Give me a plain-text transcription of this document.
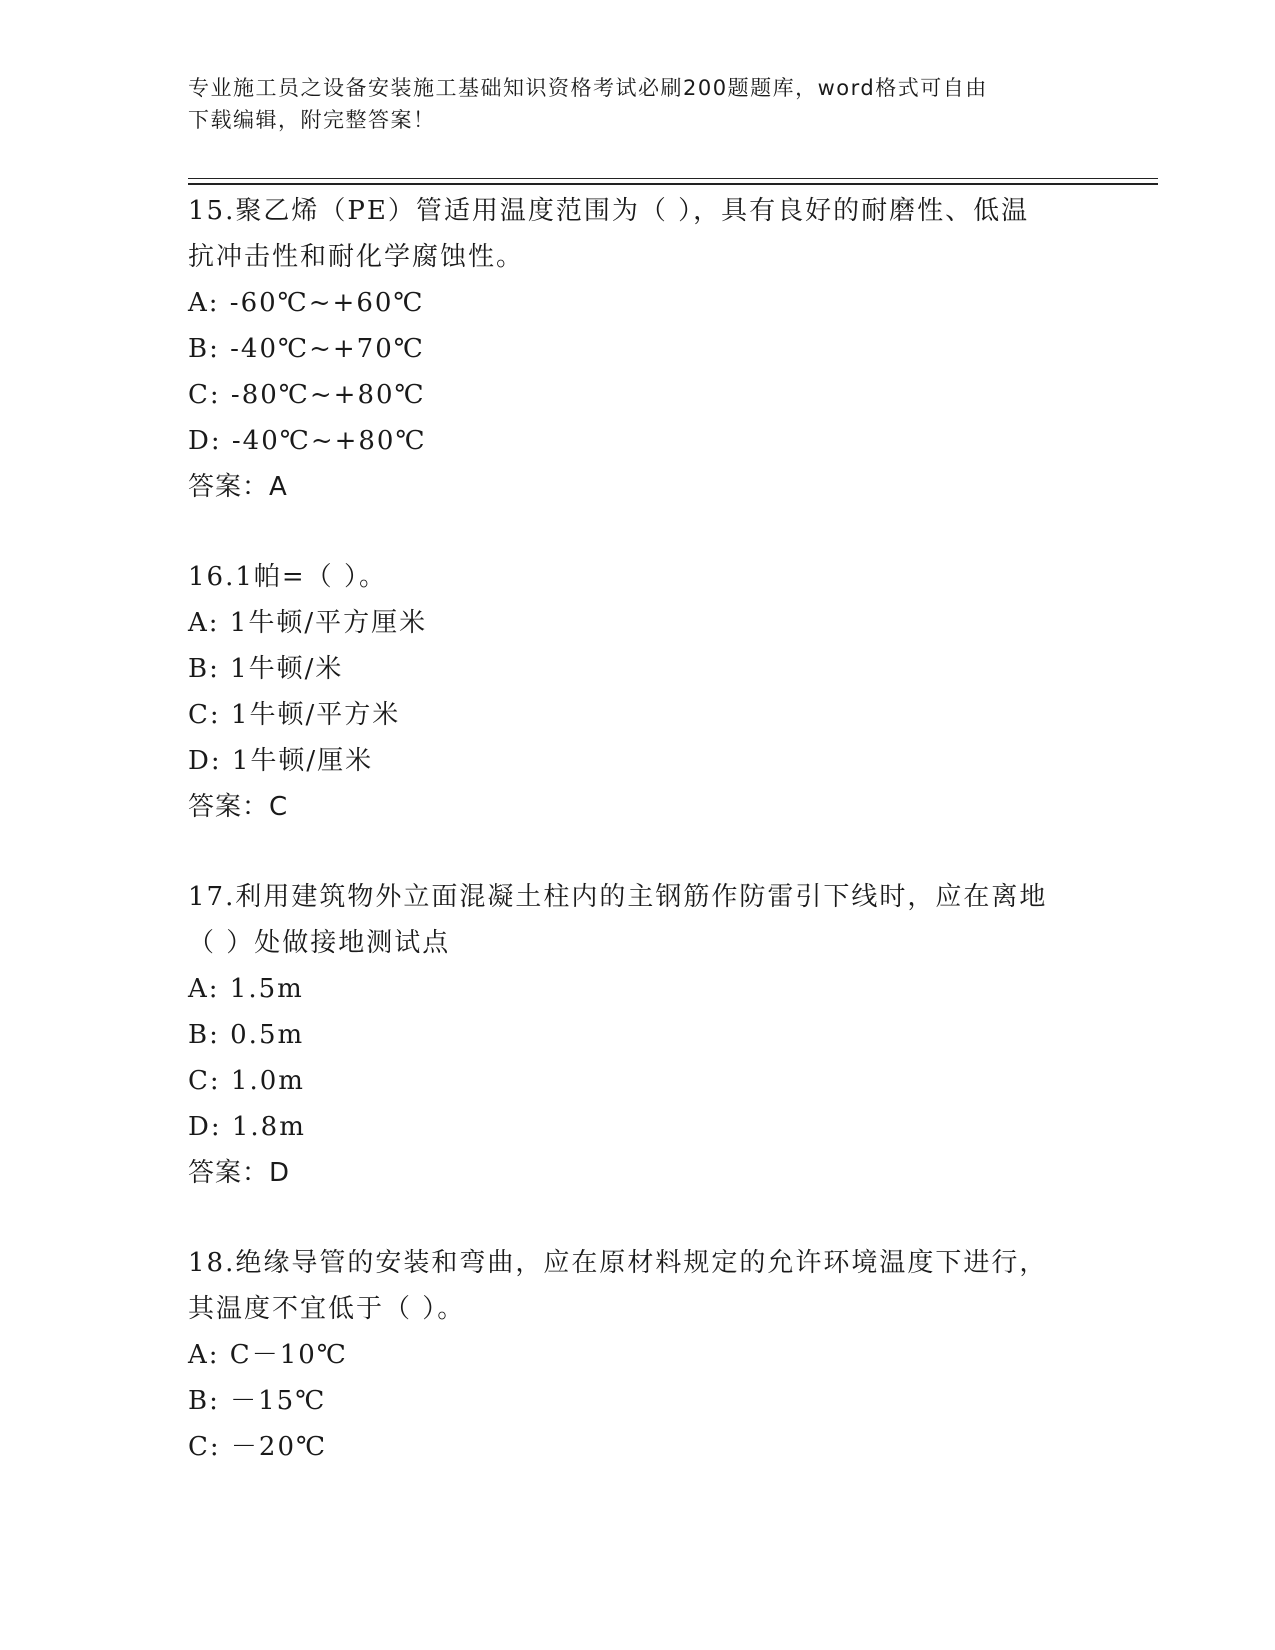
专业施工员之设备安装施工基础知识资格考试必刷200题题库，word格式可自由
下载编辑，附完整答案！
15.聚乙烯（PE）管适用温度范围为（ ），具有良好的耐磨性、低温
抗冲击性和耐化学腐蚀性。
A: -60℃~+60℃
B: -40℃~+70℃
C: -80℃~+80℃
D: -40℃~+80℃
答案：A
16.1帕=（ ）。
A: 1牛顿/平方厘米
B: 1牛顿/米
C: 1牛顿/平方米
D: 1牛顿/厘米
答案：C
17.利用建筑物外立面混凝土柱内的主钢筋作防雷引下线时，应在离地
（ ）处做接地测试点
A: 1.5m
B: 0.5m
C: 1.0m
D: 1.8m
答案：D
18.绝缘导管的安装和弯曲，应在原材料规定的允许环境温度下进行，
其温度不宜低于（ ）。
A: C－10℃
B: －15℃
C: －20℃
